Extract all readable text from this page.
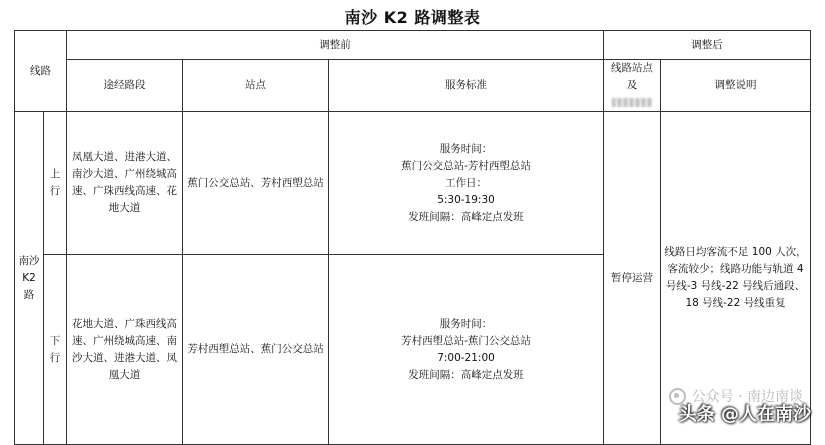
南沙 K2 路调整表
线路		调整前			调整后	
		途经路段	站点	服务标准	线路站点及	调整说明
南沙K2 路	上行	凤凰大道、进港大道、南沙大道、广州绕城高速、广珠西线高速、花地大道	蕉门公交总站、芳村西塱总站	服务时间：
蕉门公交总站-芳村西塱总站
工作日：
5:30-19:30
发班间隔：高峰定点发班	暂停运营	线路日均客流不足 100 人次，客流较少；线路功能与轨道 4 号线-3 号线-22 号线后通段、18 号线-22 号线重复
	下行	花地大道、广珠西线高速、广州绕城高速、南沙大道、进港大道、凤凰大道	芳村西塱总站、蕉门公交总站	服务时间：
芳村西塱总站-蕉门公交总站
7:00-21:00
发班间隔：高峰定点发班		
公众号 · 南边南谈
头条 @人在南沙
